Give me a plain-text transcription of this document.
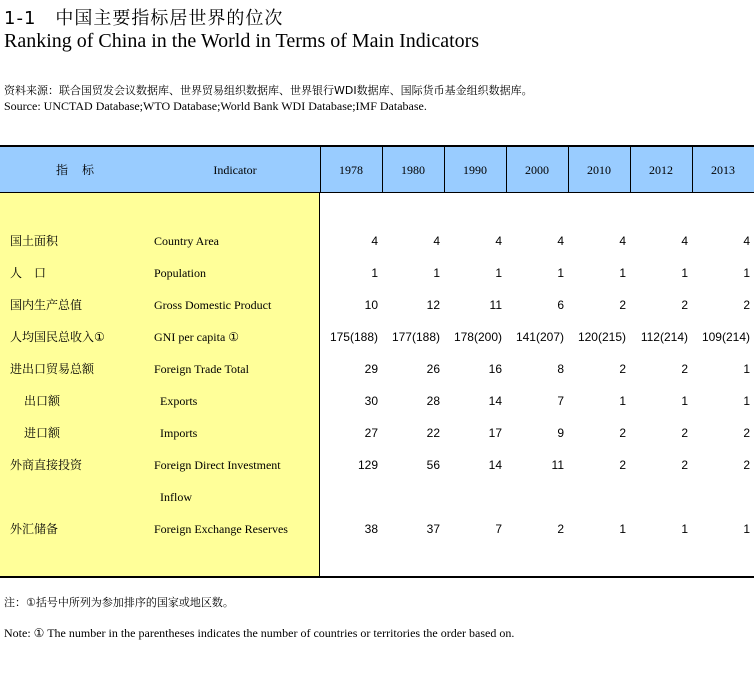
1-1　中国主要指标居世界的位次
Ranking of China in the World in Terms of Main Indicators
资料来源：联合国贸发会议数据库、世界贸易组织数据库、世界银行WDI数据库、国际货币基金组织数据库。
Source: UNCTAD Database;WTO Database;World Bank WDI Database;IMF Database.
指标	Indicator	1978	1980	1990	2000	2010	2012	2013
国土面积	Country Area	4	4	4	4	4	4	4
人　口	Population	1	1	1	1	1	1	1
国内生产总值	Gross Domestic Product	10	12	11	6	2	2	2
人均国民总收入①	GNI per capita ①	175(188)	177(188)	178(200)	141(207)	120(215)	112(214)	109(214)
进出口贸易总额	Foreign Trade Total	29	26	16	8	2	2	1
出口额	Exports	30	28	14	7	1	1	1
进口额	Imports	27	22	17	9	2	2	2
外商直接投资	Foreign Direct Investment	129	56	14	11	2	2	2
Inflow
外汇储备	Foreign Exchange Reserves	38	37	7	2	1	1	1
注：①括号中所列为参加排序的国家或地区数。
Note: ① The number in the parentheses indicates the number of countries or territories the order based on.
